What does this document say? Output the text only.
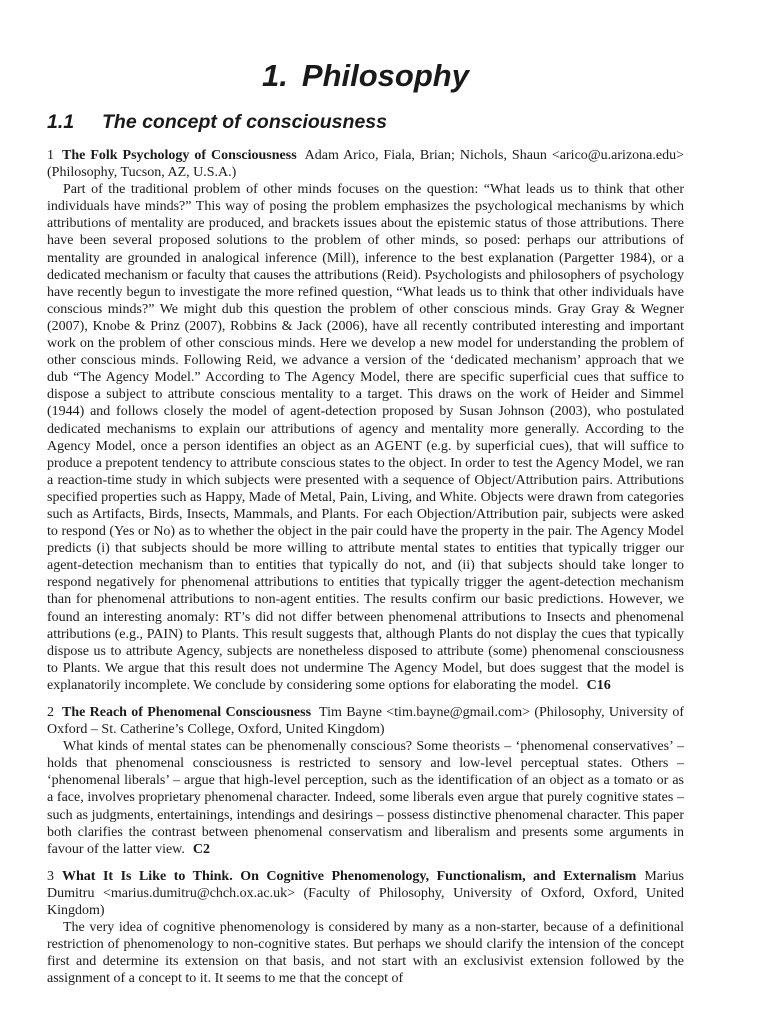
1. Philosophy
1.1 The concept of consciousness

1 The Folk Psychology of Consciousness Adam Arico, Fiala, Brian; Nichols, Shaun <arico@u.arizona.edu> (Philosophy, Tucson, AZ, U.S.A.)

Part of the traditional problem of other minds focuses on the question: “What leads us to think that other individuals have minds?” This way of posing the problem emphasizes the psychological mechanisms by which attributions of mentality are produced, and brackets issues about the epistemic status of those attributions. There have been several proposed solutions to the problem of other minds, so posed: perhaps our attributions of mentality are grounded in analogical inference (Mill), inference to the best explanation (Pargetter 1984), or a dedicated mechanism or faculty that causes the attributions (Reid). Psychologists and philosophers of psychology have recently begun to investigate the more refined question, “What leads us to think that other individuals have conscious minds?” We might dub this question the problem of other conscious minds. Gray Gray & Wegner (2007), Knobe & Prinz (2007), Robbins & Jack (2006), have all recently contributed interesting and important work on the problem of other conscious minds. Here we develop a new model for understanding the problem of other conscious minds. Following Reid, we advance a version of the ‘dedicated mechanism’ approach that we dub “The Agency Model.” According to The Agency Model, there are specific superficial cues that suffice to dispose a subject to attribute conscious mentality to a target. This draws on the work of Heider and Simmel (1944) and follows closely the model of agent-detection proposed by Susan Johnson (2003), who postulated dedicated mechanisms to explain our attributions of agency and mentality more generally. According to the Agency Model, once a person identifies an object as an AGENT (e.g. by superficial cues), that will suffice to produce a prepotent tendency to attribute conscious states to the object. In order to test the Agency Model, we ran a reaction-time study in which subjects were presented with a sequence of Object/Attribution pairs. Attributions specified properties such as Happy, Made of Metal, Pain, Living, and White. Objects were drawn from categories such as Artifacts, Birds, Insects, Mammals, and Plants. For each Objection/Attribution pair, subjects were asked to respond (Yes or No) as to whether the object in the pair could have the property in the pair. The Agency Model predicts (i) that subjects should be more willing to attribute mental states to entities that typically trigger our agent-detection mechanism than to entities that typically do not, and (ii) that subjects should take longer to respond negatively for phenomenal attributions to entities that typically trigger the agent-detection mechanism than for phenomenal attributions to non-agent entities. The results confirm our basic predictions. However, we found an interesting anomaly: RT’s did not differ between phenomenal attributions to Insects and phenomenal attributions (e.g., PAIN) to Plants. This result suggests that, although Plants do not display the cues that typically dispose us to attribute Agency, subjects are nonetheless disposed to attribute (some) phenomenal consciousness to Plants. We argue that this result does not undermine The Agency Model, but does suggest that the model is explanatorily incomplete. We conclude by considering some options for elaborating the model. C16

2 The Reach of Phenomenal Consciousness Tim Bayne <tim.bayne@gmail.com> (Philosophy, University of Oxford – St. Catherine’s College, Oxford, United Kingdom)

What kinds of mental states can be phenomenally conscious? Some theorists – ‘phenomenal conservatives’ – holds that phenomenal consciousness is restricted to sensory and low-level perceptual states. Others – ‘phenomenal liberals’ – argue that high-level perception, such as the identification of an object as a tomato or as a face, involves proprietary phenomenal character. Indeed, some liberals even argue that purely cognitive states – such as judgments, entertainings, intendings and desirings – possess distinctive phenomenal character. This paper both clarifies the contrast between phenomenal conservatism and liberalism and presents some arguments in favour of the latter view. C2

3 What It Is Like to Think. On Cognitive Phenomenology, Functionalism, and Externalism Marius Dumitru <marius.dumitru@chch.ox.ac.uk> (Faculty of Philosophy, University of Oxford, Oxford, United Kingdom)

The very idea of cognitive phenomenology is considered by many as a non-starter, because of a definitional restriction of phenomenology to non-cognitive states. But perhaps we should clarify the intension of the concept first and determine its extension on that basis, and not start with an exclusivist extension followed by the assignment of a concept to it. It seems to me that the concept of
